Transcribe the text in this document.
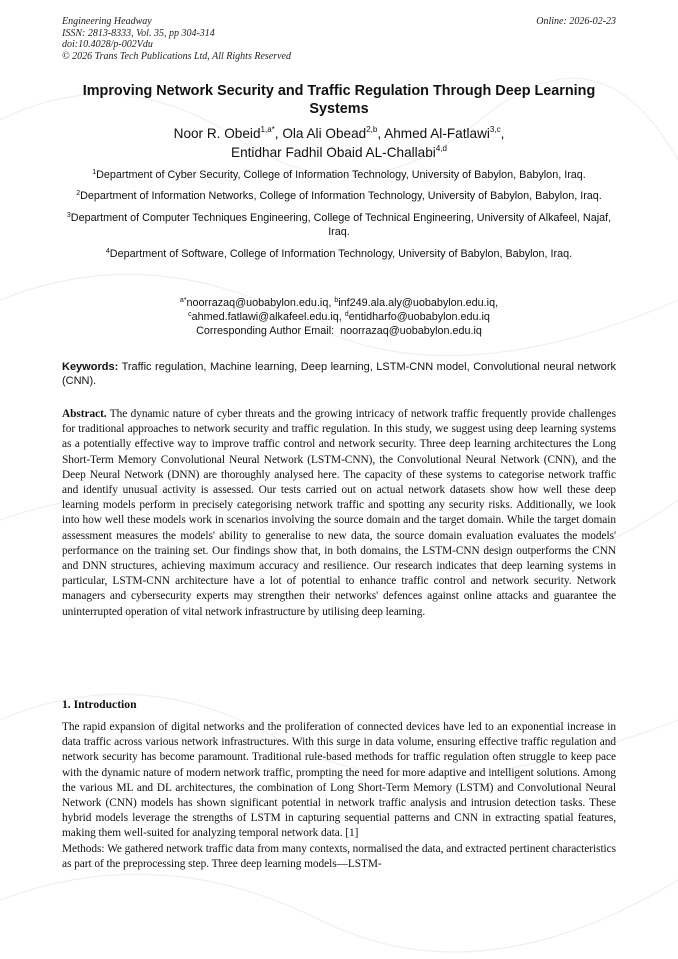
Engineering Headway
ISSN: 2813-8333, Vol. 35, pp 304-314
doi:10.4028/p-002Vdu
© 2026 Trans Tech Publications Ltd, All Rights Reserved
Online: 2026-02-23
Improving Network Security and Traffic Regulation Through Deep Learning Systems
Noor R. Obeid$^{1,a*}$, Ola Ali Obead$^{2,b}$, Ahmed Al-Fatlawi$^{3,c}$,
Entidhar Fadhil Obaid AL-Challabi$^{4,d}$
$^1$Department of Cyber Security, College of Information Technology, University of Babylon, Babylon, Iraq.
$^2$Department of Information Networks, College of Information Technology, University of Babylon, Babylon, Iraq.
$^3$Department of Computer Techniques Engineering, College of Technical Engineering, University of Alkafeel, Najaf, Iraq.
$^4$Department of Software, College of Information Technology, University of Babylon, Babylon, Iraq.
$^{a*}$noorrazaq@uobabylon.edu.iq, $^b$inf249.ala.aly@uobabylon.edu.iq,
$^c$ahmed.fatlawi@alkafeel.edu.iq, $^d$entidharfo@uobabylon.edu.iq
Corresponding Author Email: noorrazaq@uobabylon.edu.iq
Keywords: Traffic regulation, Machine learning, Deep learning, LSTM-CNN model, Convolutional neural network (CNN).
Abstract. The dynamic nature of cyber threats and the growing intricacy of network traffic frequently provide challenges for traditional approaches to network security and traffic regulation. In this study, we suggest using deep learning systems as a potentially effective way to improve traffic control and network security. Three deep learning architectures the Long Short-Term Memory Convolutional Neural Network (LSTM-CNN), the Convolutional Neural Network (CNN), and the Deep Neural Network (DNN) are thoroughly analysed here. The capacity of these systems to categorise network traffic and identify unusual activity is assessed. Our tests carried out on actual network datasets show how well these deep learning models perform in precisely categorising network traffic and spotting any security risks. Additionally, we look into how well these models work in scenarios involving the source domain and the target domain. While the target domain assessment measures the models' ability to generalise to new data, the source domain evaluation evaluates the models' performance on the training set. Our findings show that, in both domains, the LSTM-CNN design outperforms the CNN and DNN structures, achieving maximum accuracy and resilience. Our research indicates that deep learning systems in particular, LSTM-CNN architecture have a lot of potential to enhance traffic control and network security. Network managers and cybersecurity experts may strengthen their networks' defences against online attacks and guarantee the uninterrupted operation of vital network infrastructure by utilising deep learning.
1. Introduction

The rapid expansion of digital networks and the proliferation of connected devices have led to an exponential increase in data traffic across various network infrastructures. With this surge in data volume, ensuring effective traffic regulation and network security has become paramount. Traditional rule-based methods for traffic regulation often struggle to keep pace with the dynamic nature of modern network traffic, prompting the need for more adaptive and intelligent solutions. Among the various ML and DL architectures, the combination of Long Short-Term Memory (LSTM) and Convolutional Neural Network (CNN) models has shown significant potential in network traffic analysis and intrusion detection tasks. These hybrid models leverage the strengths of LSTM in capturing sequential patterns and CNN in extracting spatial features, making them well-suited for analyzing temporal network data. [1]

Methods: We gathered network traffic data from many contexts, normalised the data, and extracted pertinent characteristics as part of the preprocessing step. Three deep learning models—LSTM-
